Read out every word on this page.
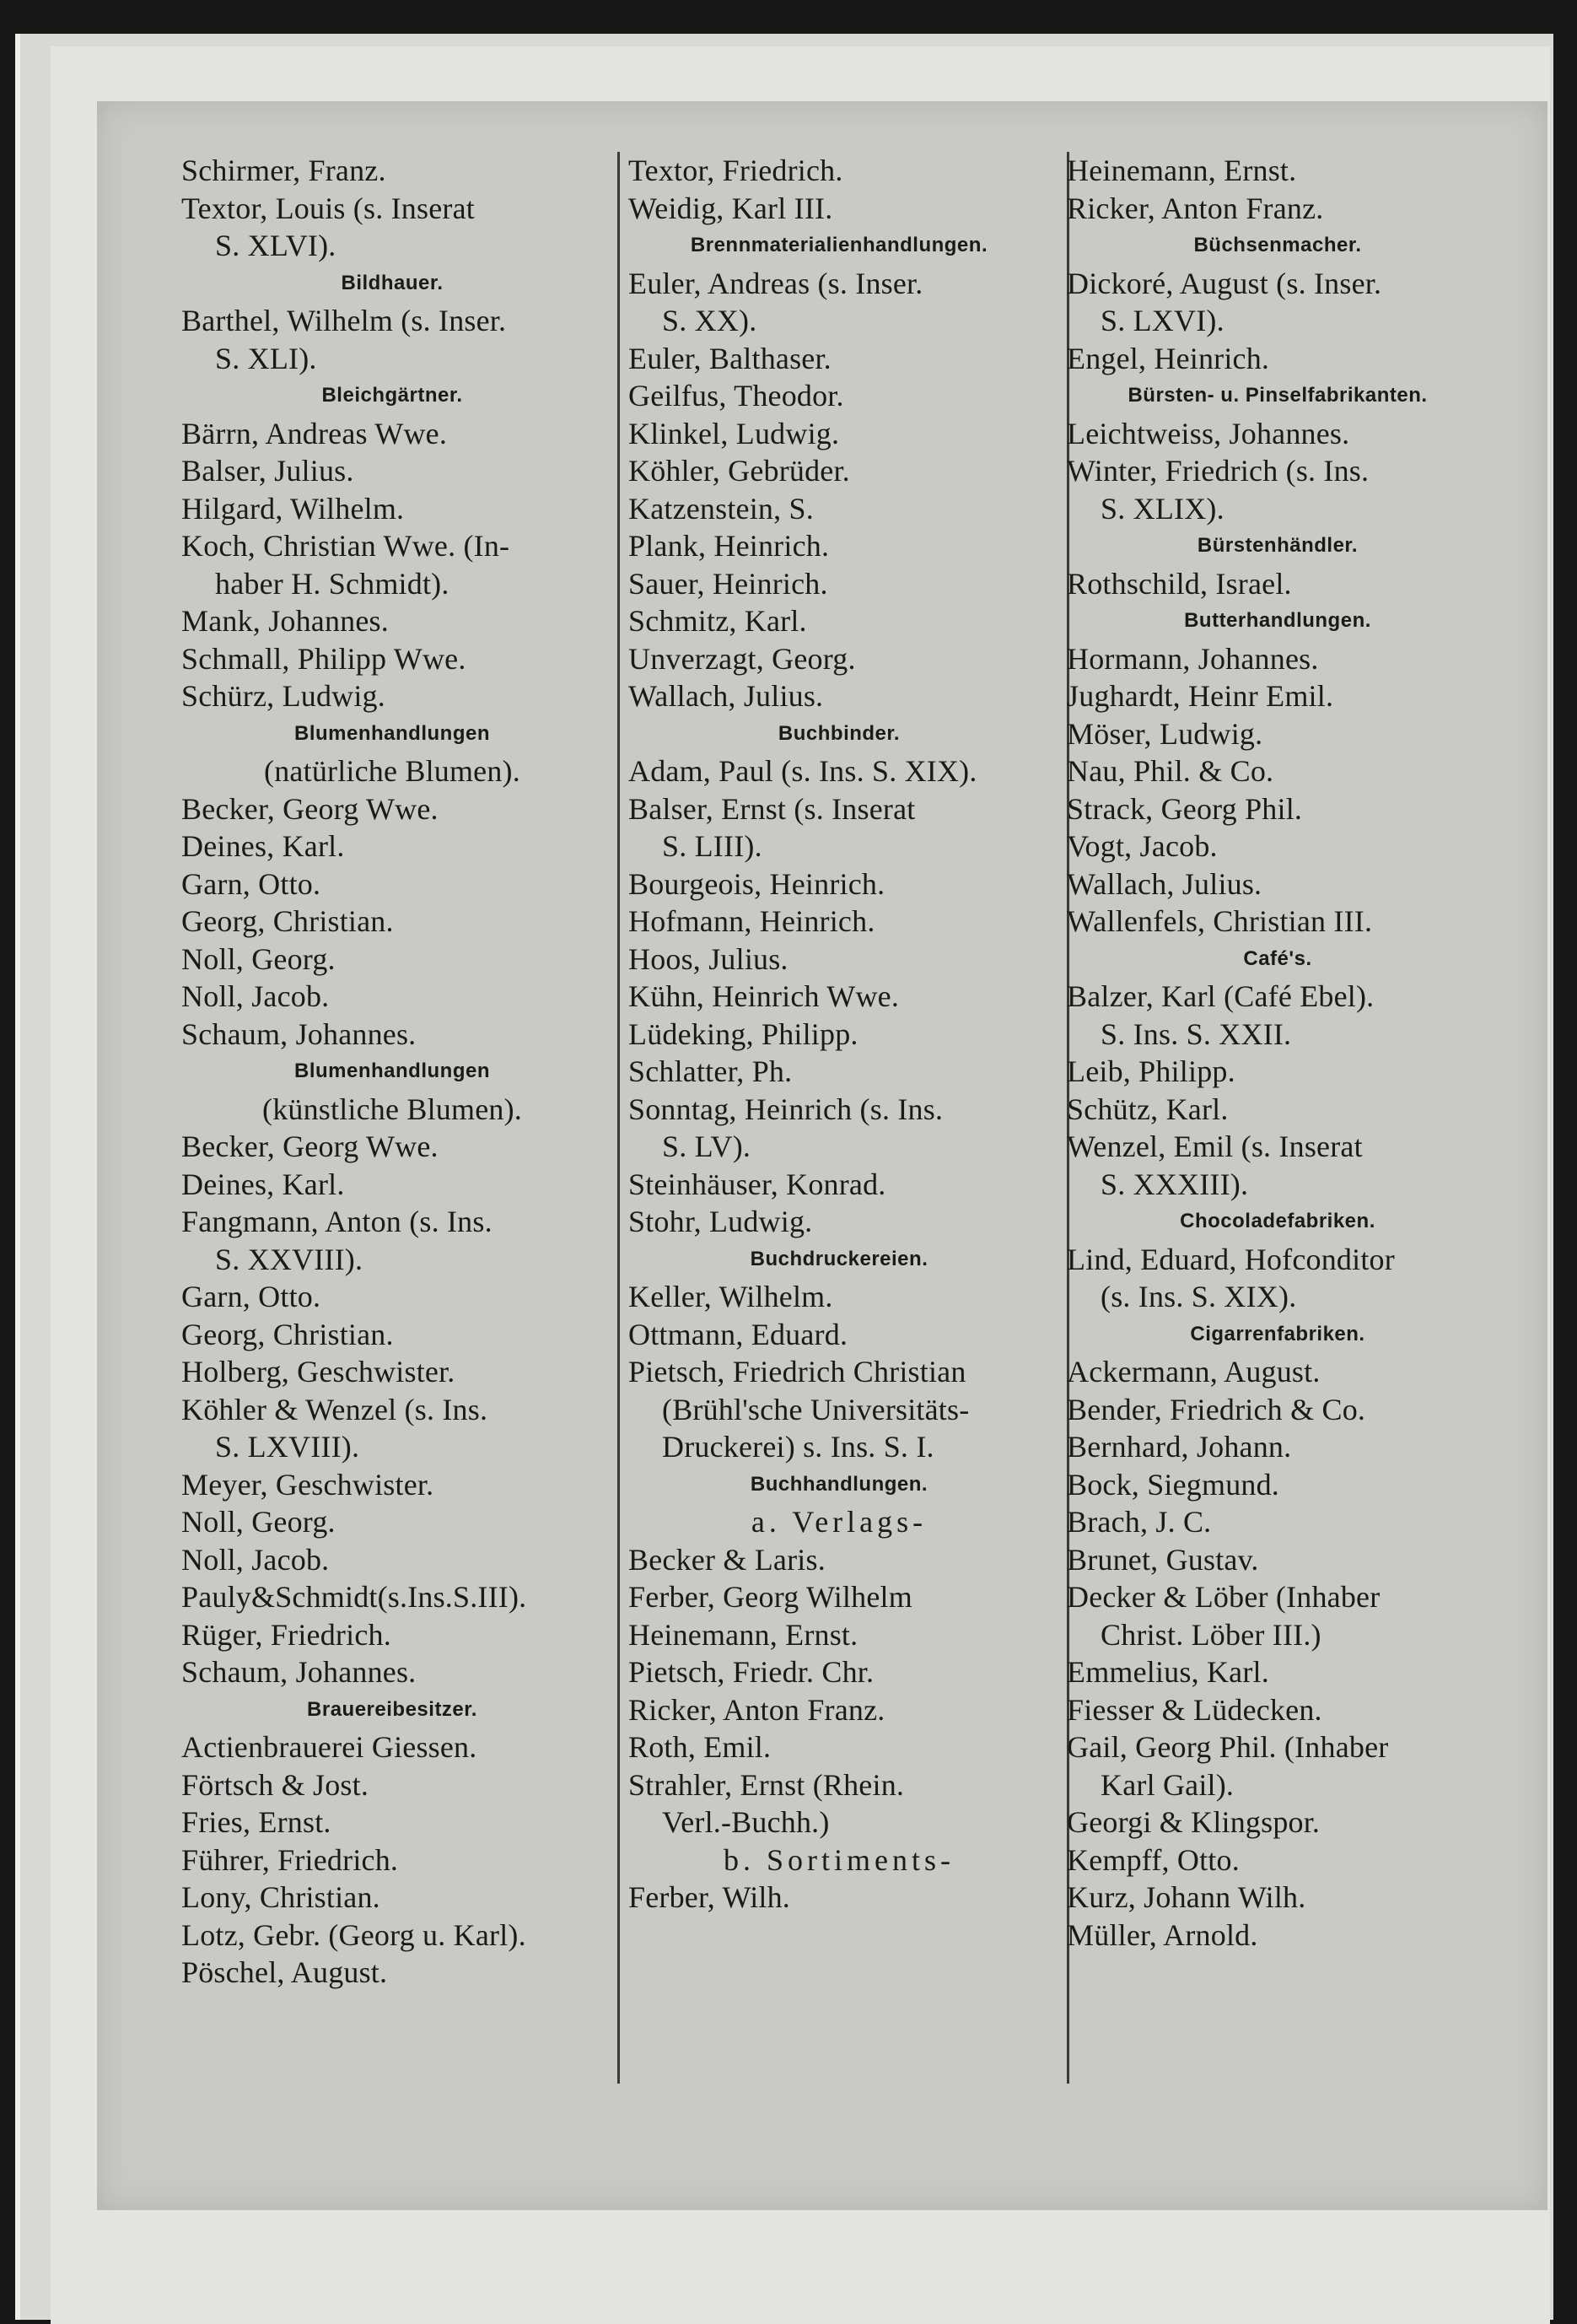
Schirmer, Franz.
Textor, Louis (s. Inserat
S. XLVI).
Bildhauer.
Barthel, Wilhelm (s. Inser.
S. XLI).
Bleichgärtner.
Bärrn, Andreas Wwe.
Balser, Julius.
Hilgard, Wilhelm.
Koch, Christian Wwe. (In-
haber H. Schmidt).
Mank, Johannes.
Schmall, Philipp Wwe.
Schürz, Ludwig.
Blumenhandlungen
(natürliche Blumen).
Becker, Georg Wwe.
Deines, Karl.
Garn, Otto.
Georg, Christian.
Noll, Georg.
Noll, Jacob.
Schaum, Johannes.
Blumenhandlungen
(künstliche Blumen).
Becker, Georg Wwe.
Deines, Karl.
Fangmann, Anton (s. Ins.
S. XXVIII).
Garn, Otto.
Georg, Christian.
Holberg, Geschwister.
Köhler & Wenzel (s. Ins.
S. LXVIII).
Meyer, Geschwister.
Noll, Georg.
Noll, Jacob.
Pauly&Schmidt(s.Ins.S.III).
Rüger, Friedrich.
Schaum, Johannes.
Brauereibesitzer.
Actienbrauerei Giessen.
Förtsch & Jost.
Fries, Ernst.
Führer, Friedrich.
Lony, Christian.
Lotz, Gebr. (Georg u. Karl).
Pöschel, August.
Textor, Friedrich.
Weidig, Karl III.
Brennmaterialienhandlungen.
Euler, Andreas (s. Inser.
S. XX).
Euler, Balthaser.
Geilfus, Theodor.
Klinkel, Ludwig.
Köhler, Gebrüder.
Katzenstein, S.
Plank, Heinrich.
Sauer, Heinrich.
Schmitz, Karl.
Unverzagt, Georg.
Wallach, Julius.
Buchbinder.
Adam, Paul (s. Ins. S. XIX).
Balser, Ernst (s. Inserat
S. LIII).
Bourgeois, Heinrich.
Hofmann, Heinrich.
Hoos, Julius.
Kühn, Heinrich Wwe.
Lüdeking, Philipp.
Schlatter, Ph.
Sonntag, Heinrich (s. Ins.
S. LV).
Steinhäuser, Konrad.
Stohr, Ludwig.
Buchdruckereien.
Keller, Wilhelm.
Ottmann, Eduard.
Pietsch, Friedrich Christian
(Brühl'sche Universitäts-
Druckerei) s. Ins. S. I.
Buchhandlungen.
a. Verlags-
Becker & Laris.
Ferber, Georg Wilhelm
Heinemann, Ernst.
Pietsch, Friedr. Chr.
Ricker, Anton Franz.
Roth, Emil.
Strahler, Ernst (Rhein.
Verl.-Buchh.)
b. Sortiments-
Ferber, Wilh.
Heinemann, Ernst.
Ricker, Anton Franz.
Büchsenmacher.
Dickoré, August (s. Inser.
S. LXVI).
Engel, Heinrich.
Bürsten- u. Pinselfabrikanten.
Leichtweiss, Johannes.
Winter, Friedrich (s. Ins.
S. XLIX).
Bürstenhändler.
Rothschild, Israel.
Butterhandlungen.
Hormann, Johannes.
Jughardt, Heinr Emil.
Möser, Ludwig.
Nau, Phil. & Co.
Strack, Georg Phil.
Vogt, Jacob.
Wallach, Julius.
Wallenfels, Christian III.
Café's.
Balzer, Karl (Café Ebel).
S. Ins. S. XXII.
Leib, Philipp.
Schütz, Karl.
Wenzel, Emil (s. Inserat
S. XXXIII).
Chocoladefabriken.
Lind, Eduard, Hofconditor
(s. Ins. S. XIX).
Cigarrenfabriken.
Ackermann, August.
Bender, Friedrich & Co.
Bernhard, Johann.
Bock, Siegmund.
Brach, J. C.
Brunet, Gustav.
Decker & Löber (Inhaber
Christ. Löber III.)
Emmelius, Karl.
Fiesser & Lüdecken.
Gail, Georg Phil. (Inhaber
Karl Gail).
Georgi & Klingspor.
Kempff, Otto.
Kurz, Johann Wilh.
Müller, Arnold.
